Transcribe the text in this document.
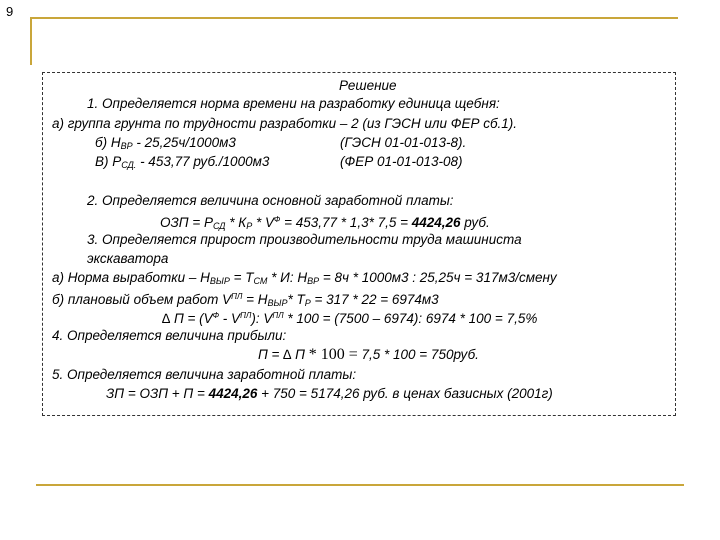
9
Решение
1. Определяется норма времени на разработку единица щебня:
а) группа грунта по трудности разработки – 2 (из ГЭСН или ФЕР сб.1).
б) $Н_{ВР} - 25,25ч/1000м3$	(ГЭСН 01-01-013-8).
В) $Р_{СД.} - 453,77$ руб./1000м3	(ФЕР 01-01-013-08)
2. Определяется величина основной заработной платы:
ОЗП = $Р_{СД} * К_Р * V^Ф = 453,77 * 1,3*$ 7,5 = 4424,26 руб.
3. Определяется прирост производительности труда машиниста
экскаватора
а) Норма выработки – $Н_{ВЫР} = Т_{СМ} * И$: $Н_{ВР} = 8ч * 1000м3$ : 25,25ч = 317м3/смену
б) плановый объем работ $V^{ПЛ} = Н_{ВЫР}*$ $Т_Р = 317 * 22 = 6974м3$
∆ $П = (V^Ф - V^{ПЛ})$: $V^{ПЛ} * 100 = (7500 - 6974)$: 6974 * 100 = 7,5%
4. Определяется величина прибыли:
П = ∆ П * 100 = 7,5 * 100 = 750руб.
5. Определяется величина заработной платы:
ЗП = ОЗП + П = 4424,26 + 750 = 5174,26 руб. в ценах базисных (2001г)
